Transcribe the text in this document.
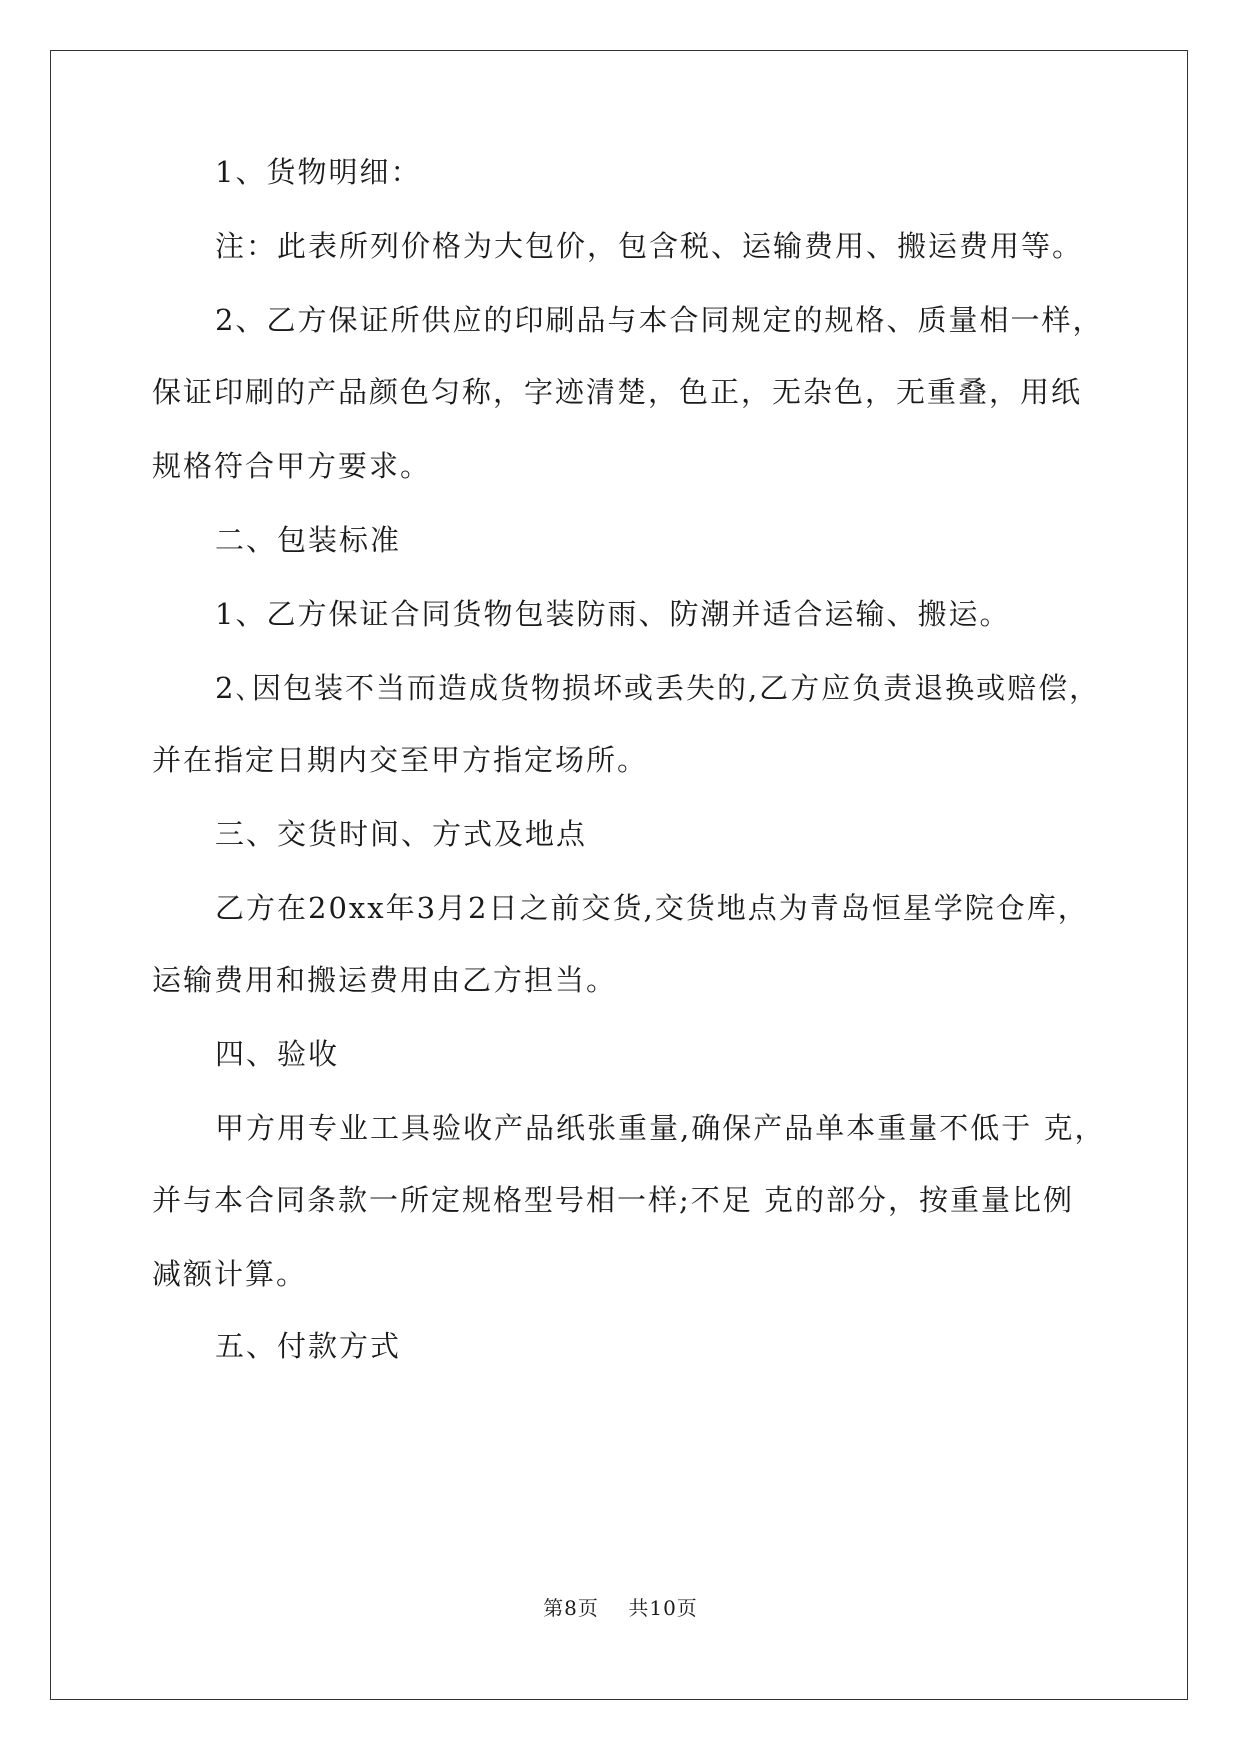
1、货物明细：
注：此表所列价格为大包价，包含税、运输费用、搬运费用等。
2、乙方保证所供应的印刷品与本合同规定的规格、质量相一样，
保证印刷的产品颜色匀称，字迹清楚，色正，无杂色，无重叠，用纸
规格符合甲方要求。
二、包装标准
1、乙方保证合同货物包装防雨、防潮并适合运输、搬运。
2､因包装不当而造成货物损坏或丢失的,乙方应负责退换或赔偿，
并在指定日期内交至甲方指定场所。
三、交货时间、方式及地点
乙方在20xx年3月2日之前交货,交货地点为青岛恒星学院仓库，
运输费用和搬运费用由乙方担当。
四、验收
甲方用专业工具验收产品纸张重量,确保产品单本重量不低于 克，
并与本合同条款一所定规格型号相一样;不足 克的部分，按重量比例
减额计算。
五、付款方式
第8页    共10页
